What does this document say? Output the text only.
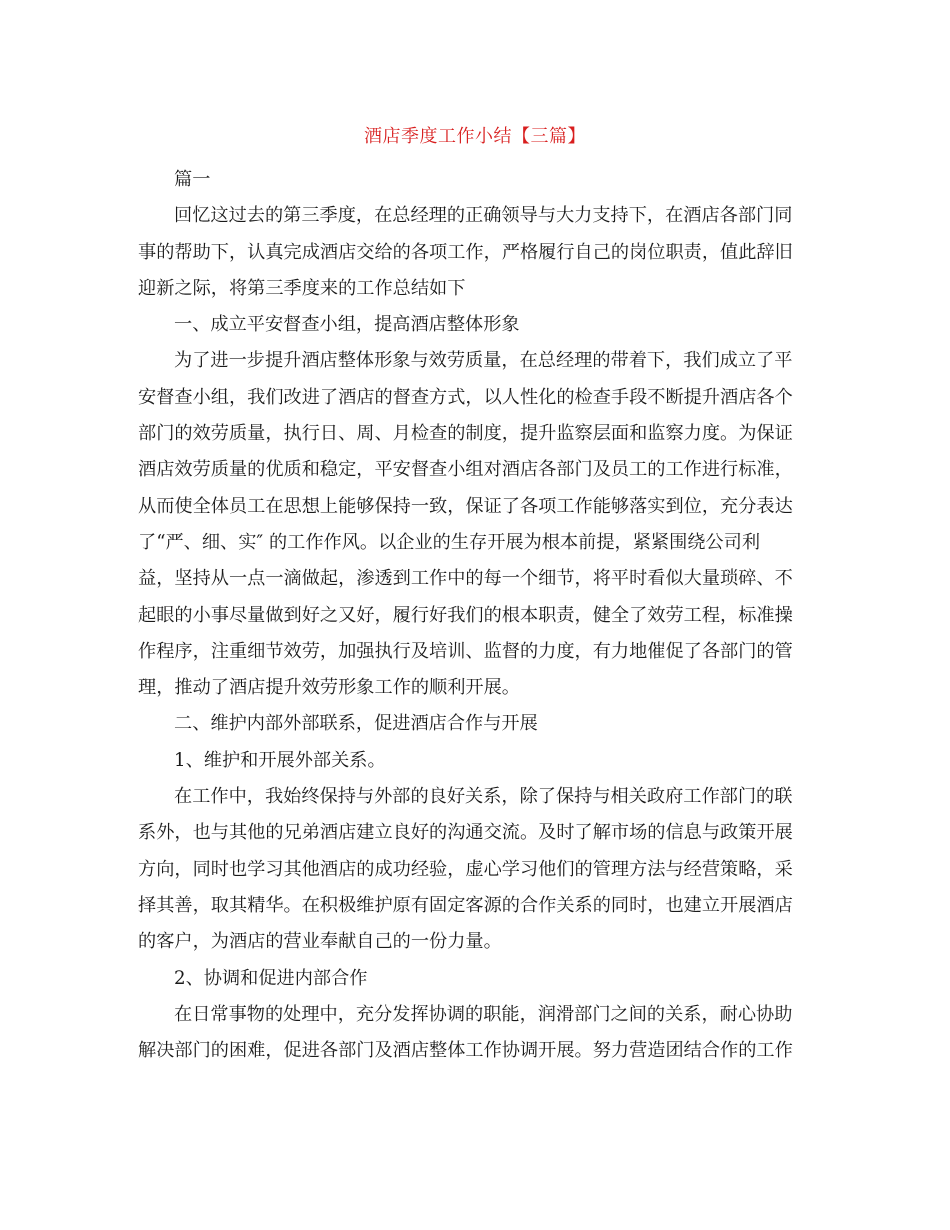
酒店季度工作小结【三篇】
篇一
回忆这过去的第三季度，在总经理的正确领导与大力支持下，在酒店各部门同
事的帮助下，认真完成酒店交给的各项工作，严格履行自己的岗位职责，值此辞旧
迎新之际，将第三季度来的工作总结如下
一、成立平安督查小组，提高酒店整体形象
为了进一步提升酒店整体形象与效劳质量，在总经理的带着下，我们成立了平
安督查小组，我们改进了酒店的督查方式，以人性化的检查手段不断提升酒店各个
部门的效劳质量，执行日、周、月检查的制度，提升监察层面和监察力度。为保证
酒店效劳质量的优质和稳定，平安督查小组对酒店各部门及员工的工作进行标准，
从而使全体员工在思想上能够保持一致，保证了各项工作能够落实到位，充分表达
了“严、细、实″ 的工作作风。以企业的生存开展为根本前提，紧紧围绕公司利
益，坚持从一点一滴做起，渗透到工作中的每一个细节，将平时看似大量琐碎、不
起眼的小事尽量做到好之又好，履行好我们的根本职责，健全了效劳工程，标准操
作程序，注重细节效劳，加强执行及培训、监督的力度，有力地催促了各部门的管
理，推动了酒店提升效劳形象工作的顺利开展。
二、维护内部外部联系，促进酒店合作与开展
1、维护和开展外部关系。
在工作中，我始终保持与外部的良好关系，除了保持与相关政府工作部门的联
系外，也与其他的兄弟酒店建立良好的沟通交流。及时了解市场的信息与政策开展
方向，同时也学习其他酒店的成功经验，虚心学习他们的管理方法与经营策略，采
择其善，取其精华。在积极维护原有固定客源的合作关系的同时，也建立开展酒店
的客户，为酒店的营业奉献自己的一份力量。
2、协调和促进内部合作
在日常事物的处理中，充分发挥协调的职能，润滑部门之间的关系，耐心协助
解决部门的困难，促进各部门及酒店整体工作协调开展。努力营造团结合作的工作
